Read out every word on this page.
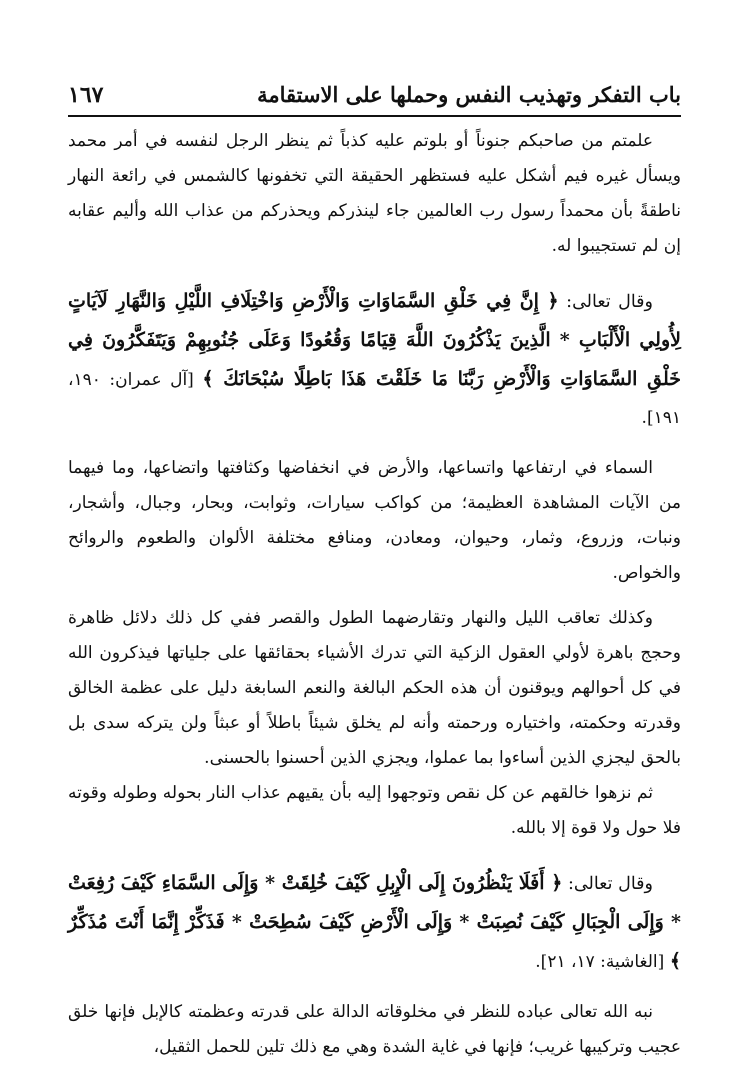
١٦٧	باب التفكر وتهذيب النفس وحملها على الاستقامة

علمتم من صاحبكم جنوناً أو بلوتم عليه كذباً ثم ينظر الرجل لنفسه في أمر محمد ويسأل غيره فيم أشكل عليه فستظهر الحقيقة التي تخفونها كالشمس في رائعة النهار ناطقةً بأن محمداً رسول رب العالمين جاء لينذركم ويحذركم من عذاب الله وأليم عقابه إن لم تستجيبوا له.

وقال تعالى: ﴿ إِنَّ فِي خَلْقِ السَّمَاوَاتِ وَالْأَرْضِ وَاخْتِلَافِ اللَّيْلِ وَالنَّهَارِ لَآيَاتٍ لِأُولِي الْأَلْبَابِ * الَّذِينَ يَذْكُرُونَ اللَّهَ قِيَامًا وَقُعُودًا وَعَلَى جُنُوبِهِمْ وَيَتَفَكَّرُونَ فِي خَلْقِ السَّمَاوَاتِ وَالْأَرْضِ رَبَّنَا مَا خَلَقْتَ هَذَا بَاطِلًا سُبْحَانَكَ ﴾ [آل عمران: ١٩٠، ١٩١].

السماء في ارتفاعها واتساعها، والأرض في انخفاضها وكثافتها واتضاعها، وما فيهما من الآيات المشاهدة العظيمة؛ من كواكب سيارات، وثوابت، وبحار، وجبال، وأشجار، ونبات، وزروع، وثمار، وحيوان، ومعادن، ومنافع مختلفة الألوان والطعوم والروائح والخواص.

وكذلك تعاقب الليل والنهار وتقارضهما الطول والقصر ففي كل ذلك دلائل ظاهرة وحجج باهرة لأولي العقول الزكية التي تدرك الأشياء بحقائقها على جلياتها فيذكرون الله في كل أحوالهم ويوقنون أن هذه الحكم البالغة والنعم السابغة دليل على عظمة الخالق وقدرته وحكمته، واختياره ورحمته وأنه لم يخلق شيئاً باطلاً أو عبثاً ولن يتركه سدى بل بالحق ليجزي الذين أساءوا بما عملوا، ويجزي الذين أحسنوا بالحسنى.

ثم نزهوا خالقهم عن كل نقص وتوجهوا إليه بأن يقيهم عذاب النار بحوله وطوله وقوته فلا حول ولا قوة إلا بالله.

وقال تعالى: ﴿ أَفَلَا يَنْظُرُونَ إِلَى الْإِبِلِ كَيْفَ خُلِقَتْ * وَإِلَى السَّمَاءِ كَيْفَ رُفِعَتْ * وَإِلَى الْجِبَالِ كَيْفَ نُصِبَتْ * وَإِلَى الْأَرْضِ كَيْفَ سُطِحَتْ * فَذَكِّرْ إِنَّمَا أَنْتَ مُذَكِّرٌ ﴾ [الغاشية: ١٧، ٢١].

نبه الله تعالى عباده للنظر في مخلوقاته الدالة على قدرته وعظمته كالإبل فإنها خلق عجيب وتركيبها غريب؛ فإنها في غاية الشدة وهي مع ذلك تلين للحمل الثقيل،
